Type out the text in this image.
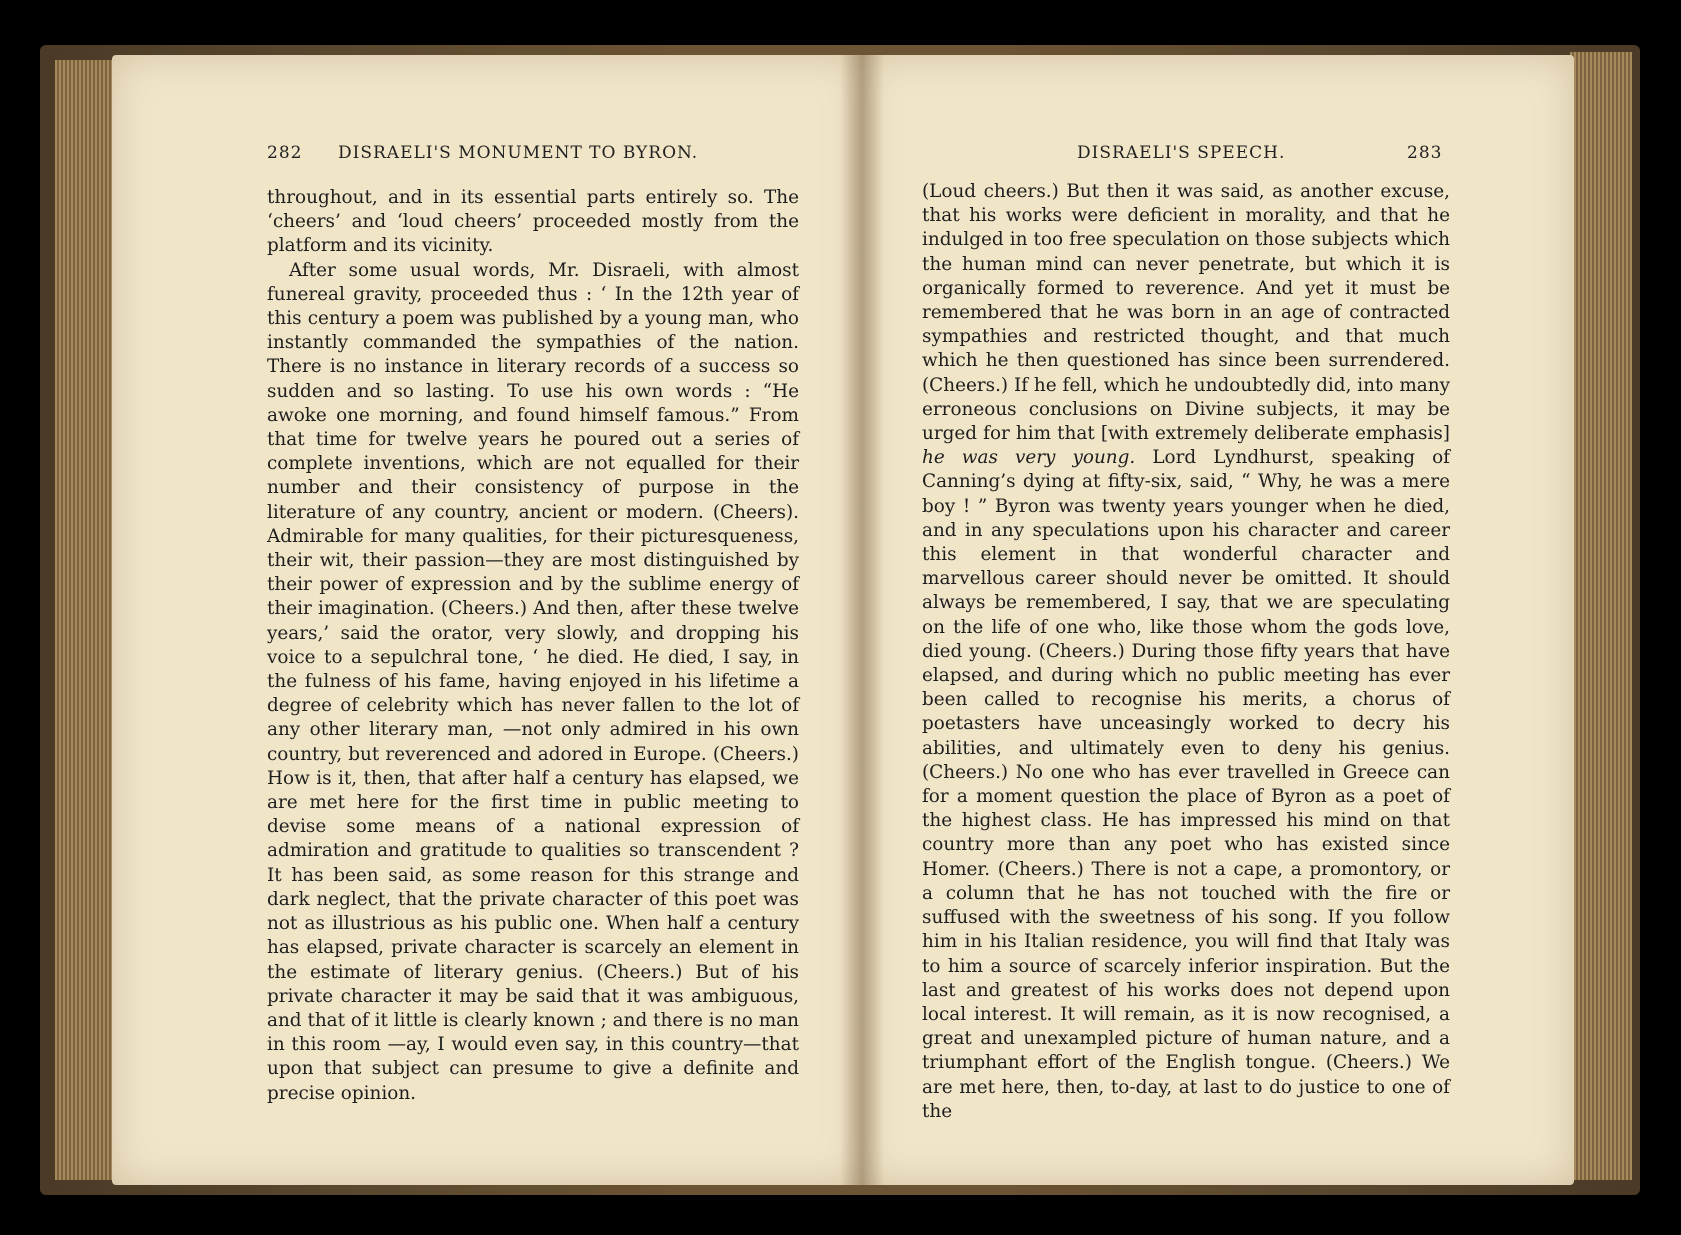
282 DISRAELI'S MONUMENT TO BYRON.

throughout, and in its essential parts entirely so. The ‘cheers’ and ‘loud cheers’ proceeded mostly from the platform and its vicinity.

After some usual words, Mr. Disraeli, with almost funereal gravity, proceeded thus : ‘ In the 12th year of this century a poem was published by a young man, who instantly commanded the sympathies of the nation. There is no instance in literary records of a success so sudden and so lasting. To use his own words : “He awoke one morning, and found himself famous.” From that time for twelve years he poured out a series of complete inventions, which are not equalled for their number and their consistency of purpose in the literature of any country, ancient or modern. (Cheers). Admirable for many qualities, for their picturesqueness, their wit, their passion—they are most distinguished by their power of expression and by the sublime energy of their imagination. (Cheers.) And then, after these twelve years,’ said the orator, very slowly, and dropping his voice to a sepulchral tone, ‘ he died. He died, I say, in the fulness of his fame, having enjoyed in his lifetime a degree of celebrity which has never fallen to the lot of any other literary man, —not only admired in his own country, but reverenced and adored in Europe. (Cheers.) How is it, then, that after half a century has elapsed, we are met here for the first time in public meeting to devise some means of a national expression of admiration and gratitude to qualities so transcendent ? It has been said, as some reason for this strange and dark neglect, that the private character of this poet was not as illustrious as his public one. When half a century has elapsed, private character is scarcely an element in the estimate of literary genius. (Cheers.) But of his private character it may be said that it was ambiguous, and that of it little is clearly known ; and there is no man in this room —ay, I would even say, in this country—that upon that subject can presume to give a definite and precise opinion.

DISRAELI'S SPEECH.	283

(Loud cheers.) But then it was said, as another excuse, that his works were deficient in morality, and that he indulged in too free speculation on those subjects which the human mind can never penetrate, but which it is organically formed to reverence. And yet it must be remembered that he was born in an age of contracted sympathies and restricted thought, and that much which he then questioned has since been surrendered. (Cheers.) If he fell, which he undoubtedly did, into many erroneous conclusions on Divine subjects, it may be urged for him that [with extremely deliberate emphasis] he was very young. Lord Lyndhurst, speaking of Canning’s dying at fifty-six, said, “ Why, he was a mere boy ! ” Byron was twenty years younger when he died, and in any speculations upon his character and career this element in that wonderful character and marvellous career should never be omitted. It should always be remembered, I say, that we are speculating on the life of one who, like those whom the gods love, died young. (Cheers.) During those fifty years that have elapsed, and during which no public meeting has ever been called to recognise his merits, a chorus of poetasters have unceasingly worked to decry his abilities, and ultimately even to deny his genius. (Cheers.) No one who has ever travelled in Greece can for a moment question the place of Byron as a poet of the highest class. He has impressed his mind on that country more than any poet who has existed since Homer. (Cheers.) There is not a cape, a promontory, or a column that he has not touched with the fire or suffused with the sweetness of his song. If you follow him in his Italian residence, you will find that Italy was to him a source of scarcely inferior inspiration. But the last and greatest of his works does not depend upon local interest. It will remain, as it is now recognised, a great and unexampled picture of human nature, and a triumphant effort of the English tongue. (Cheers.) We are met here, then, to-day, at last to do justice to one of the
